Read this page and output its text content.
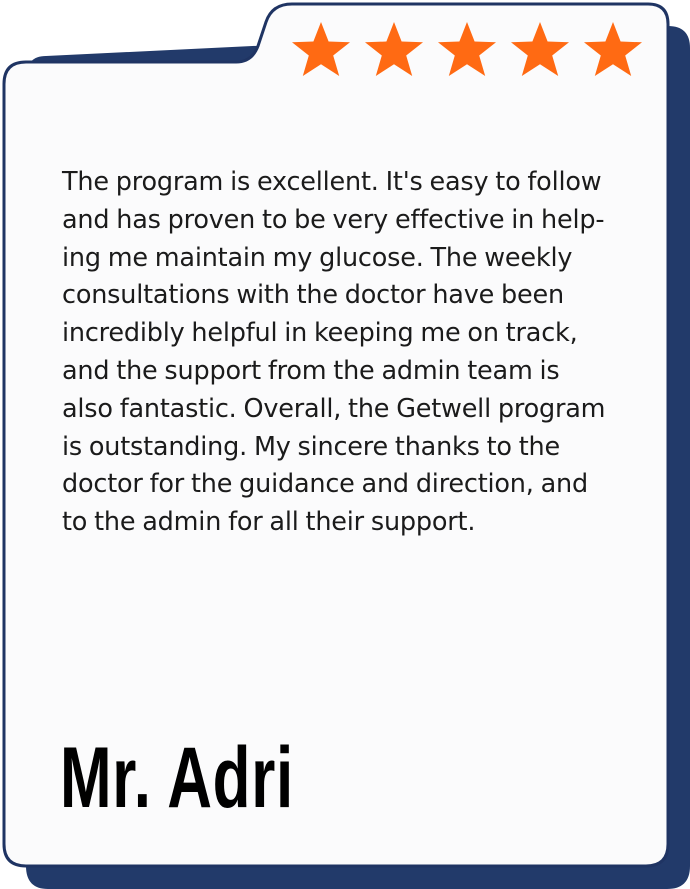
The program is excellent. It's easy to follow
and has proven to be very effective in help-
ing me maintain my glucose. The weekly
consultations with the doctor have been
incredibly helpful in keeping me on track,
and the support from the admin team is
also fantastic. Overall, the Getwell program
is outstanding. My sincere thanks to the
doctor for the guidance and direction, and
to the admin for all their support.

Mr. Adri
